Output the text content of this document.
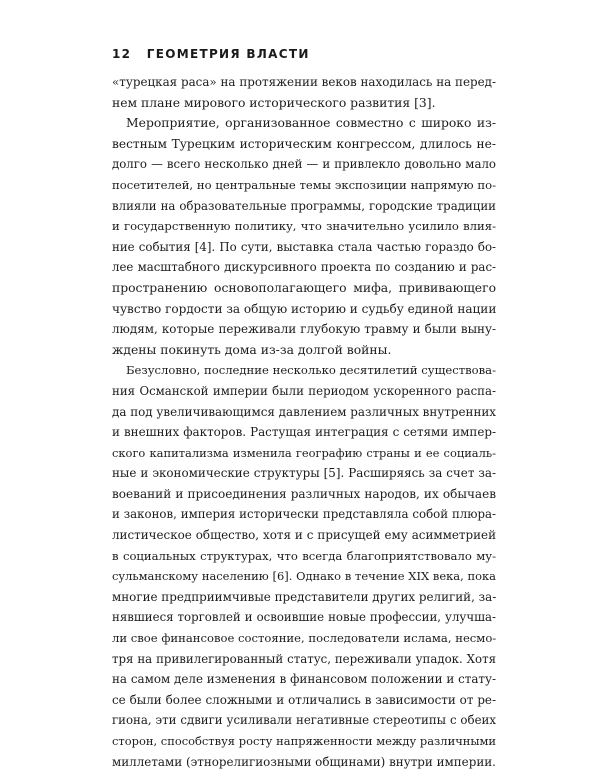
12 ГЕОМЕТРИЯ ВЛАСТИ
«турецкая раса» на протяжении веков находилась на перед-
нем плане мирового исторического развития [3].
Мероприятие, организованное совместно с широко из-
вестным Турецким историческим конгрессом, длилось не-
долго — всего несколько дней — и привлекло довольно мало
посетителей, но центральные темы экспозиции напрямую по-
влияли на образовательные программы, городские традиции
и государственную политику, что значительно усилило влия-
ние события [4]. По сути, выставка стала частью гораздо бо-
лее масштабного дискурсивного проекта по созданию и рас-
пространению основополагающего мифа, прививающего
чувство гордости за общую историю и судьбу единой нации
людям, которые переживали глубокую травму и были выну-
ждены покинуть дома из-за долгой войны.
Безусловно, последние несколько десятилетий существова-
ния Османской империи были периодом ускоренного распа-
да под увеличивающимся давлением различных внутренних
и внешних факторов. Растущая интеграция с сетями импер-
ского капитализма изменила географию страны и ее социаль-
ные и экономические структуры [5]. Расширяясь за счет за-
воеваний и присоединения различных народов, их обычаев
и законов, империя исторически представляла собой плюра-
листическое общество, хотя и с присущей ему асимметрией
в социальных структурах, что всегда благоприятствовало му-
сульманскому населению [6]. Однако в течение XIX века, пока
многие предприимчивые представители других религий, за-
нявшиеся торговлей и освоившие новые профессии, улучша-
ли свое финансовое состояние, последователи ислама, несмо-
тря на привилегированный статус, переживали упадок. Хотя
на самом деле изменения в финансовом положении и стату-
се были более сложными и отличались в зависимости от ре-
гиона, эти сдвиги усиливали негативные стереотипы с обеих
сторон, способствуя росту напряженности между различными
миллетами (этнорелигиозными общинами) внутри империи.
